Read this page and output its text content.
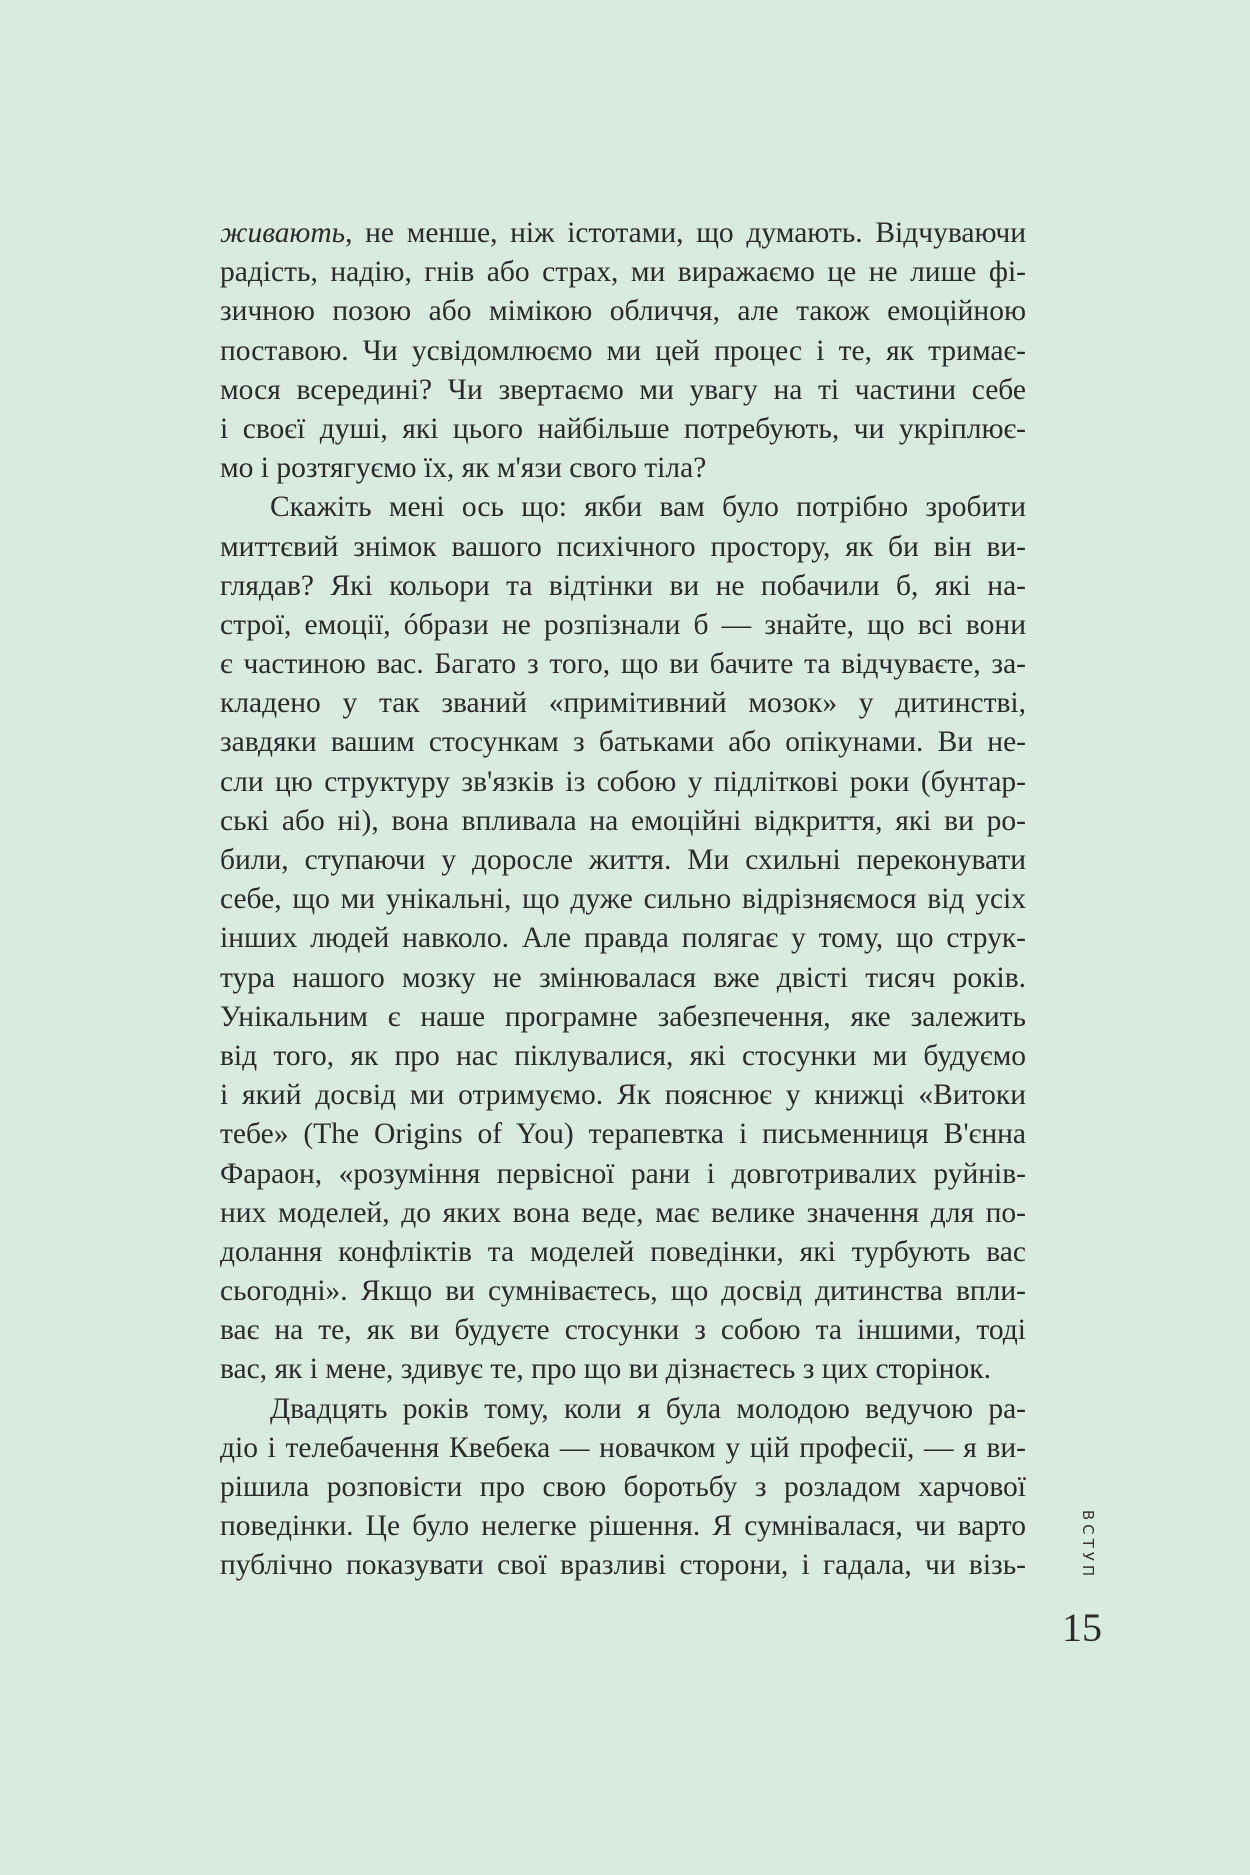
живають, не менше, ніж істотами, що думають. Відчуваючи
радість, надію, гнів або страх, ми виражаємо це не лише фі-
зичною позою або мімікою обличчя, але також емоційною
поставою. Чи усвідомлюємо ми цей процес і те, як тримає-
мося всередині? Чи звертаємо ми увагу на ті частини себе
і своєї душі, які цього найбільше потребують, чи укріплює-
мо і розтягуємо їх, як м'язи свого тіла?
Скажіть мені ось що: якби вам було потрібно зробити
миттєвий знімок вашого психічного простору, як би він ви-
глядав? Які кольори та відтінки ви не побачили б, які на-
строї, емоції, óбрази не розпізнали б — знайте, що всі вони
є частиною вас. Багато з того, що ви бачите та відчуваєте, за-
кладено у так званий «примітивний мозок» у дитинстві,
завдяки вашим стосункам з батьками або опікунами. Ви не-
сли цю структуру зв'язків із собою у підліткові роки (бунтар-
ські або ні), вона впливала на емоційні відкриття, які ви ро-
били, ступаючи у доросле життя. Ми схильні переконувати
себе, що ми унікальні, що дуже сильно відрізняємося від усіх
інших людей навколо. Але правда полягає у тому, що струк-
тура нашого мозку не змінювалася вже двісті тисяч років.
Унікальним є наше програмне забезпечення, яке залежить
від того, як про нас піклувалися, які стосунки ми будуємо
і який досвід ми отримуємо. Як пояснює у книжці «Витоки
тебе» (The Origins of You) терапевтка і письменниця В'єнна
Фараон, «розуміння первісної рани і довготривалих руйнів-
них моделей, до яких вона веде, має велике значення для по-
долання конфліктів та моделей поведінки, які турбують вас
сьогодні». Якщо ви сумніваєтесь, що досвід дитинства впли-
ває на те, як ви будуєте стосунки з собою та іншими, тоді
вас, як і мене, здивує те, про що ви дізнаєтесь з цих сторінок.
Двадцять років тому, коли я була молодою ведучою ра-
діо і телебачення Квебека — новачком у цій професії, — я ви-
рішила розповісти про свою боротьбу з розладом харчової
поведінки. Це було нелегке рішення. Я сумнівалася, чи варто
публічно показувати свої вразливі сторони, і гадала, чи візь-	ВСТУП
15
